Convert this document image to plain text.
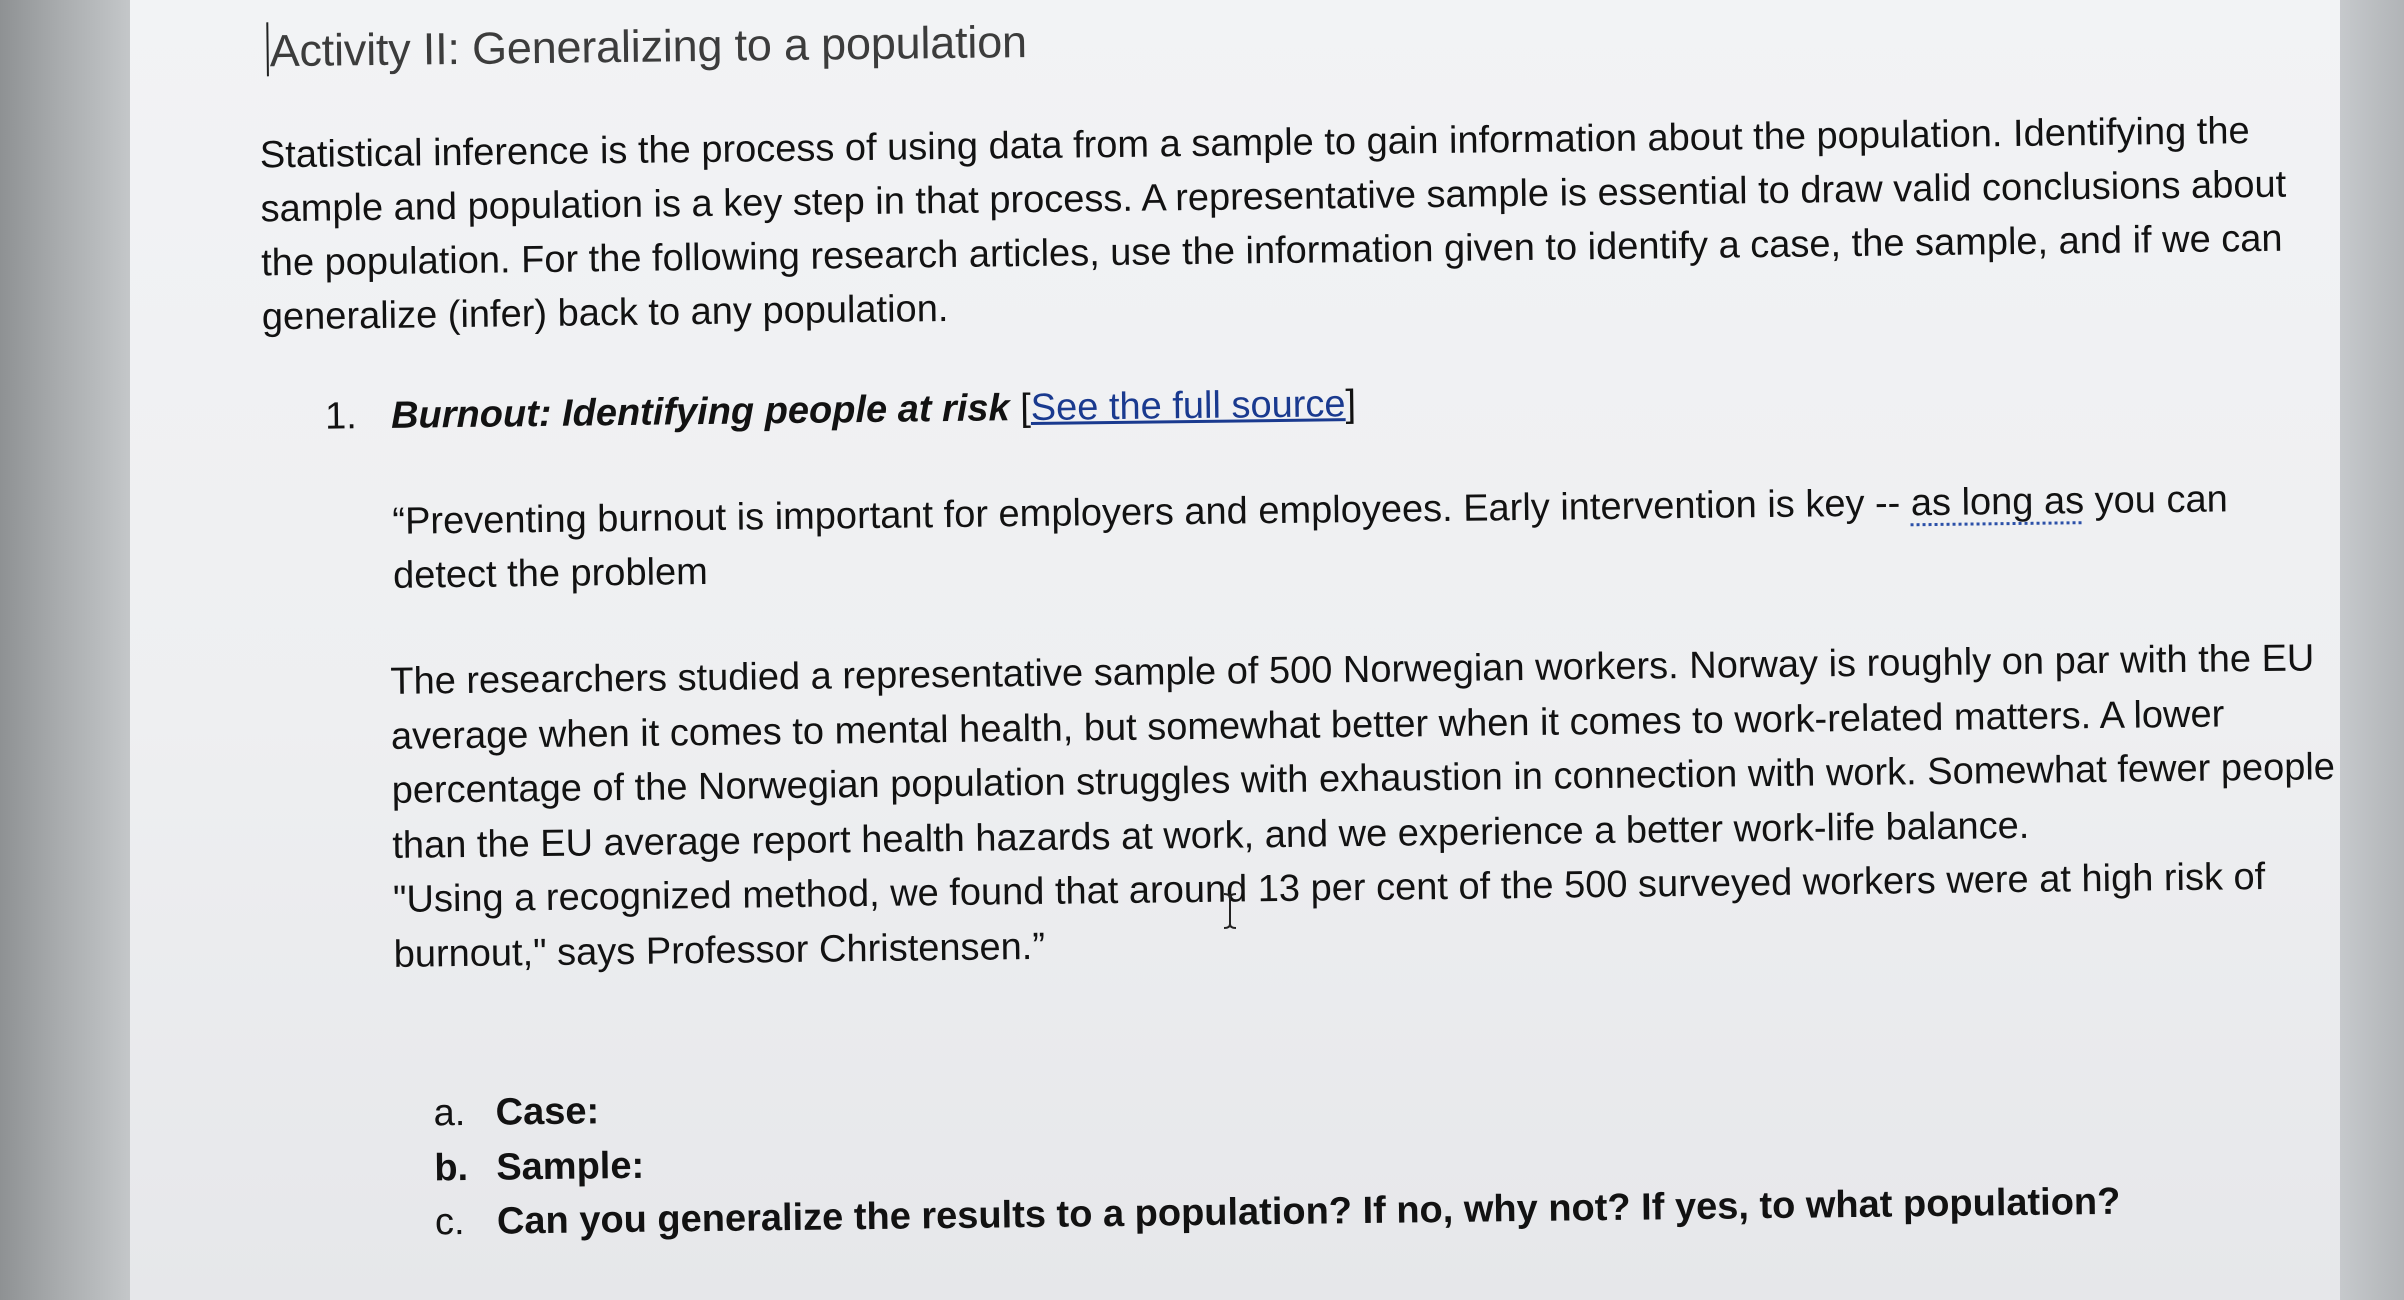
Activity II: Generalizing to a population

Statistical inference is the process of using data from a sample to gain information about the population. Identifying the sample and population is a key step in that process. A representative sample is essential to draw valid conclusions about the population. For the following research articles, use the information given to identify a case, the sample, and if we can generalize (infer) back to any population.

1. Burnout: Identifying people at risk [See the full source]

“Preventing burnout is important for employers and employees. Early intervention is key -- as long as you can detect the problem

The researchers studied a representative sample of 500 Norwegian workers. Norway is roughly on par with the EU average when it comes to mental health, but somewhat better when it comes to work-related matters. A lower percentage of the Norwegian population struggles with exhaustion in connection with work. Somewhat fewer people than the EU average report health hazards at work, and we experience a better work-life balance.
"Using a recognized method, we found that around 13 per cent of the 500 surveyed workers were at high risk of burnout," says Professor Christensen.”
a. Case:
b. Sample:
c. Can you generalize the results to a population? If no, why not? If yes, to what population?
